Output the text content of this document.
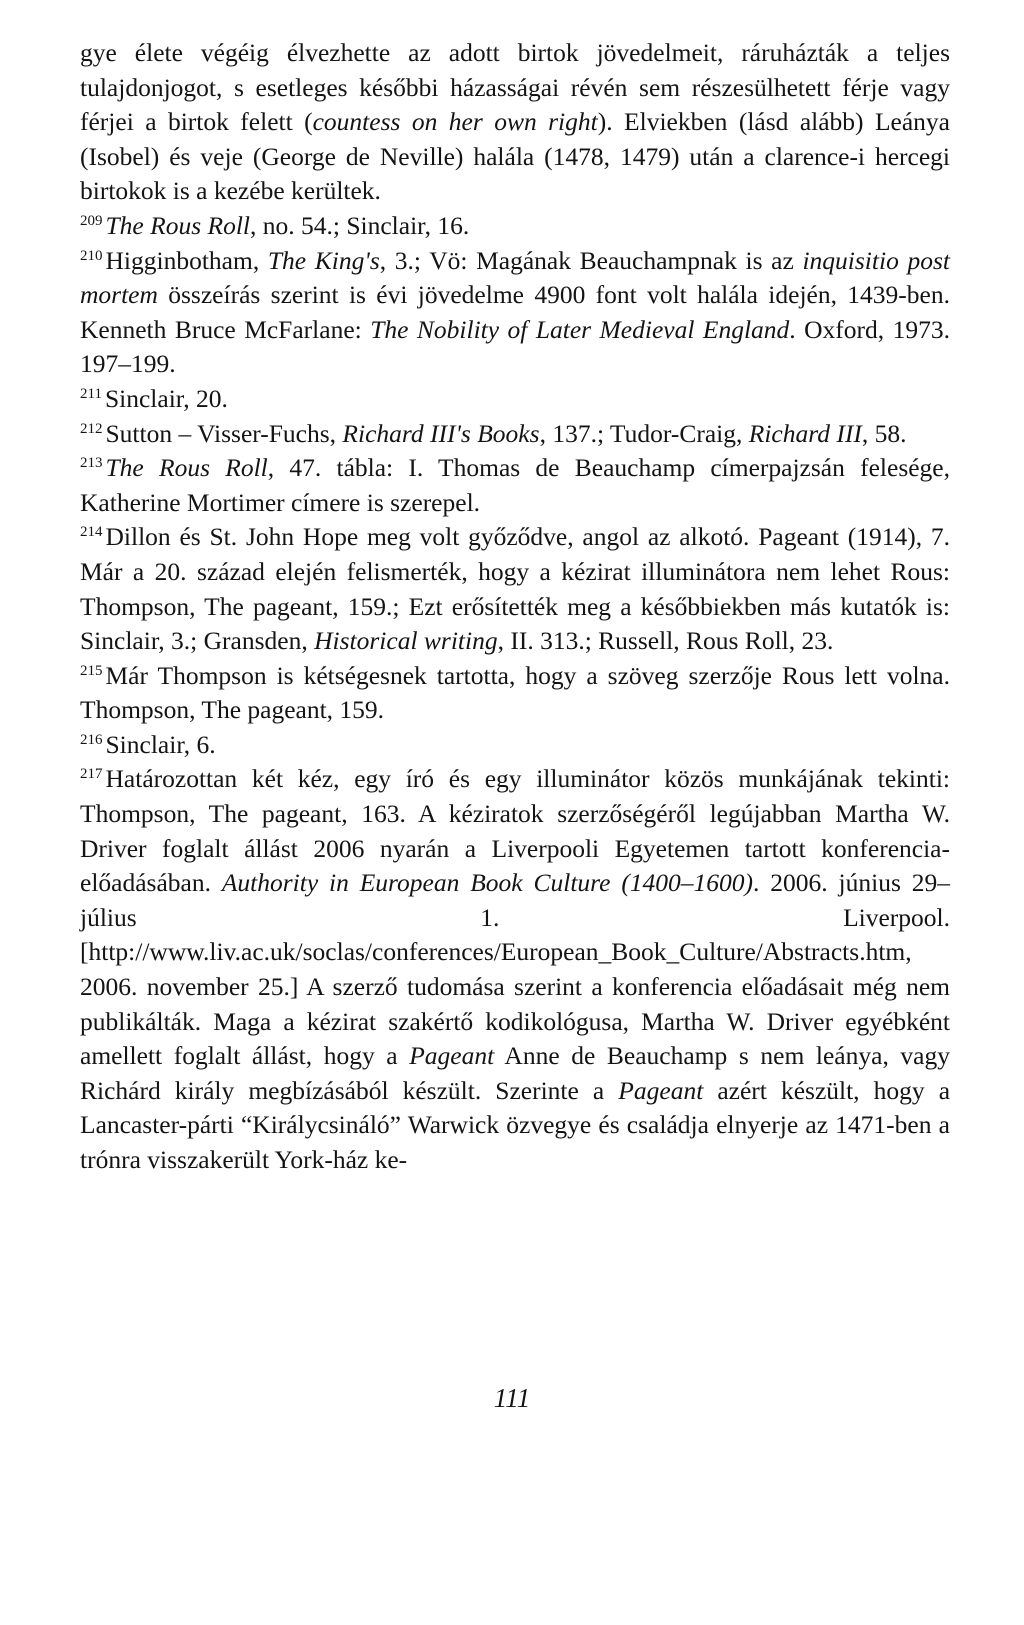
gye élete végéig élvezhette az adott birtok jövedelmeit, ráruházták a teljes tulajdonjogot, s esetleges későbbi házasságai révén sem részesülhetett férje vagy férjei a birtok felett (countess on her own right). Elviekben (lásd alább) Leánya (Isobel) és veje (George de Neville) halála (1478, 1479) után a clarence-i hercegi birtokok is a kezébe kerültek.

$^{209}$ The Rous Roll, no. 54.; Sinclair, 16.

$^{210}$ Higginbotham, The King's, 3.; Vö: Magának Beauchampnak is az inquisitio post mortem összeírás szerint is évi jövedelme 4900 font volt halála idején, 1439-ben. Kenneth Bruce McFarlane: The Nobility of Later Medieval England. Oxford, 1973. 197–199.

$^{211}$ Sinclair, 20.

$^{212}$ Sutton – Visser-Fuchs, Richard III's Books, 137.; Tudor-Craig, Richard III, 58.

$^{213}$ The Rous Roll, 47. tábla: I. Thomas de Beauchamp címerpajzsán felesége, Katherine Mortimer címere is szerepel.

$^{214}$ Dillon és St. John Hope meg volt győződve, angol az alkotó. Pageant (1914), 7. Már a 20. század elején felismerték, hogy a kézirat illuminátora nem lehet Rous: Thompson, The pageant, 159.; Ezt erősítették meg a későbbiekben más kutatók is: Sinclair, 3.; Gransden, Historical writing, II. 313.; Russell, Rous Roll, 23.

$^{215}$ Már Thompson is kétségesnek tartotta, hogy a szöveg szerzője Rous lett volna. Thompson, The pageant, 159.

$^{216}$ Sinclair, 6.

$^{217}$ Határozottan két kéz, egy író és egy illuminátor közös munkájának tekinti: Thompson, The pageant, 163. A kéziratok szerzőségéről legújabban Martha W. Driver foglalt állást 2006 nyarán a Liverpooli Egyetemen tartott konferencia-előadásában. Authority in European Book Culture (1400–1600). 2006. június 29–július 1. Liverpool. [http://www.liv.ac.uk/soclas/conferences/European_Book_Culture/Abstracts.htm, 2006. november 25.] A szerző tudomása szerint a konferencia előadásait még nem publikálták. Maga a kézirat szakértő kodikológusa, Martha W. Driver egyébként amellett foglalt állást, hogy a Pageant Anne de Beauchamp s nem leánya, vagy Richárd király megbízásából készült. Szerinte a Pageant azért készült, hogy a Lancaster-párti “Királycsináló” Warwick özvegye és családja elnyerje az 1471-ben a trónra visszakerült York-ház ke-

111
